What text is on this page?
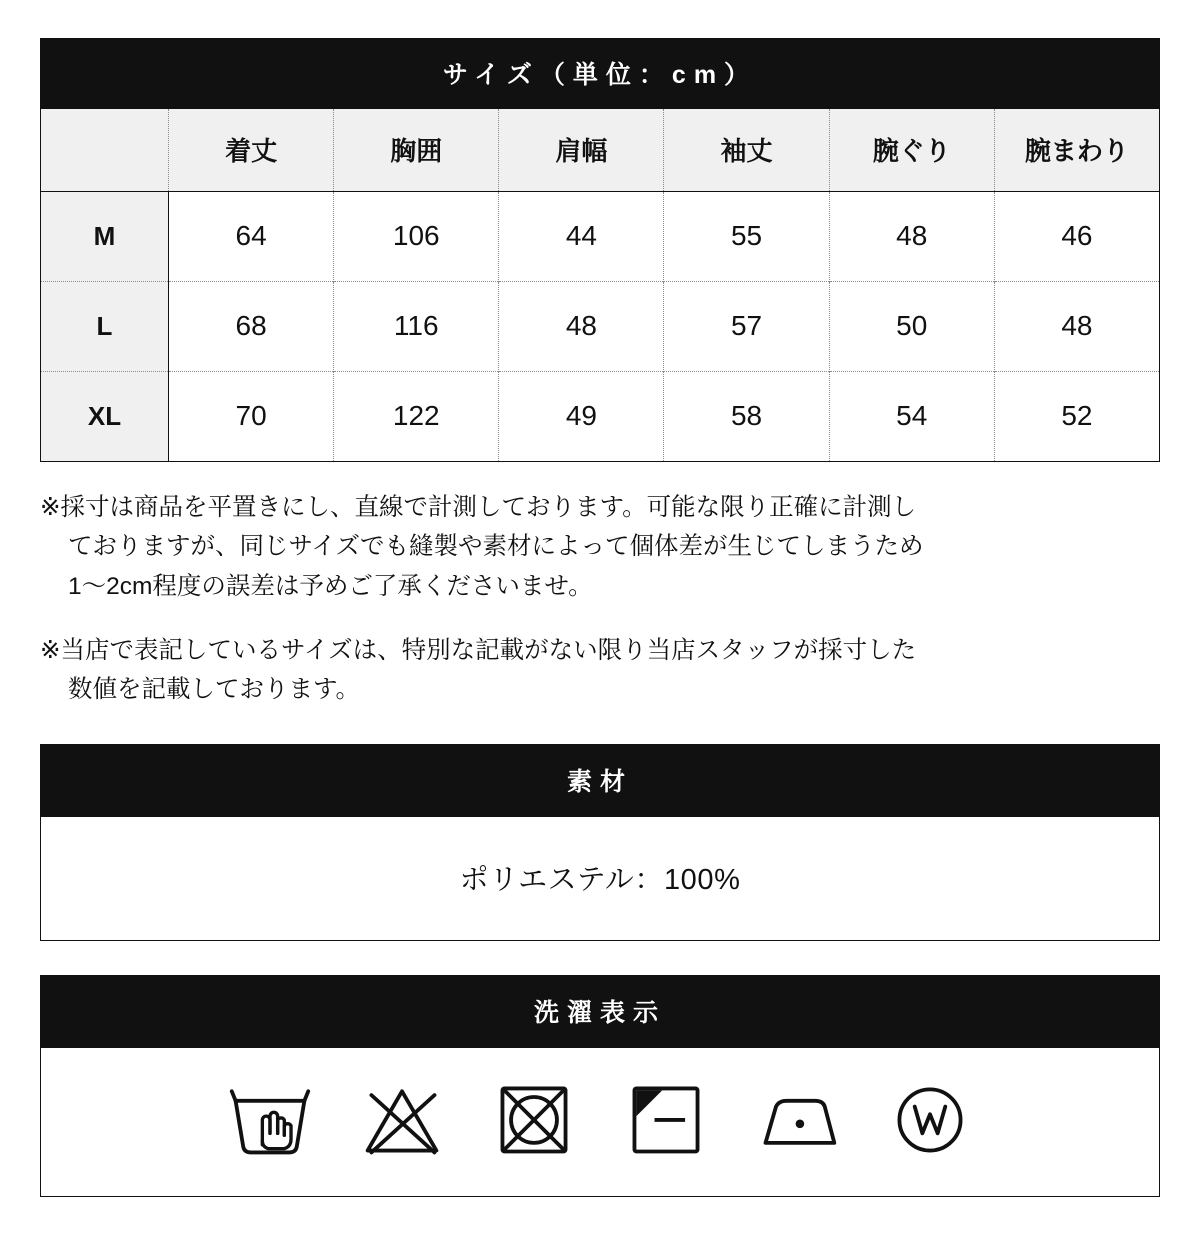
サイズ（単位：cm）
	着丈	胸囲	肩幅	袖丈	腕ぐり	腕まわり
M	64	106	44	55	48	46
L	68	116	48	57	50	48
XL	70	122	49	58	54	52
※採寸は商品を平置きにし、直線で計測しております。可能な限り正確に計測し
ておりますが、同じサイズでも縫製や素材によって個体差が生じてしまうため
1〜2cm程度の誤差は予めご了承くださいませ。
※当店で表記しているサイズは、特別な記載がない限り当店スタッフが採寸した
数値を記載しております。
素材
ポリエステル：100%
洗濯表示
